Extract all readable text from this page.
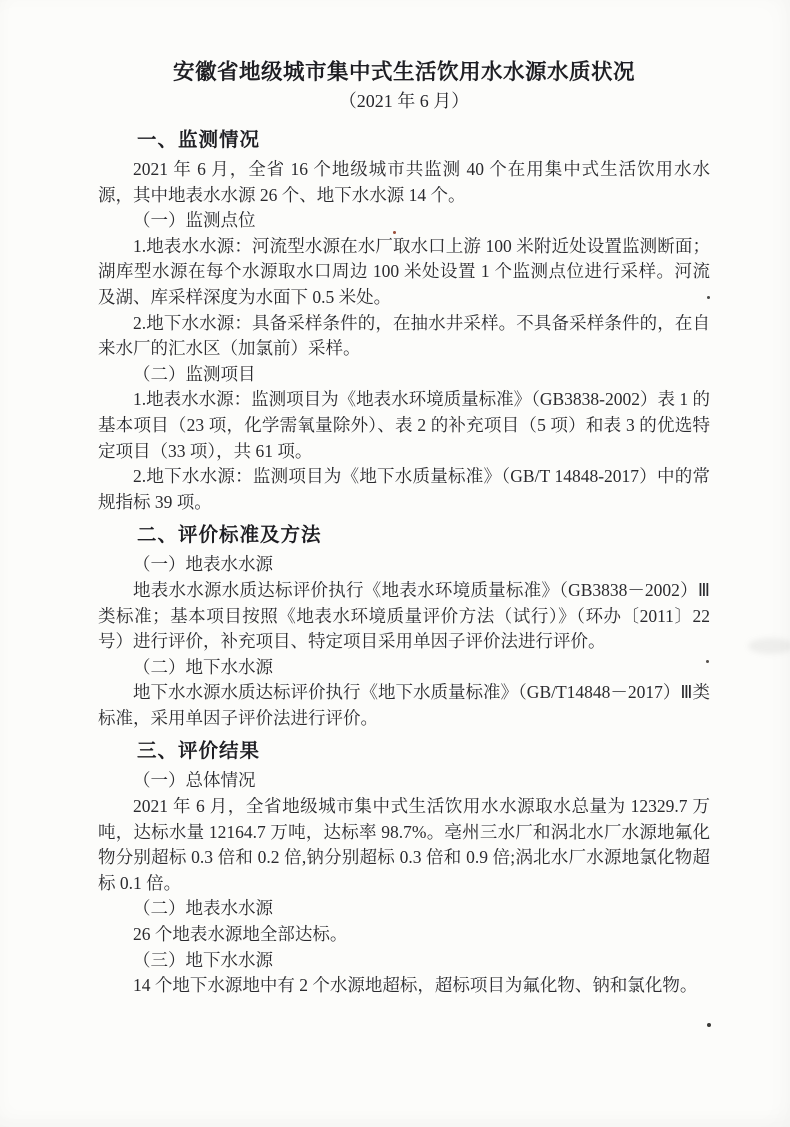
安徽省地级城市集中式生活饮用水水源水质状况
（2021 年 6 月）
一、监测情况

2021 年 6 月，全省 16 个地级城市共监测 40 个在用集中式生活饮用水水源，其中地表水水源 26 个、地下水水源 14 个。

（一）监测点位

1.地表水水源：河流型水源在水厂取水口上游 100 米附近处设置监测断面；湖库型水源在每个水源取水口周边 100 米处设置 1 个监测点位进行采样。河流及湖、库采样深度为水面下 0.5 米处。

2.地下水水源：具备采样条件的，在抽水井采样。不具备采样条件的，在自来水厂的汇水区（加氯前）采样。

（二）监测项目

1.地表水水源：监测项目为《地表水环境质量标准》（GB3838-2002）表 1 的基本项目（23 项，化学需氧量除外）、表 2 的补充项目（5 项）和表 3 的优选特定项目（33 项），共 61 项。

2.地下水水源：监测项目为《地下水质量标准》（GB/T 14848-2017）中的常规指标 39 项。

二、评价标准及方法

（一）地表水水源

地表水水源水质达标评价执行《地表水环境质量标准》（GB3838－2002）Ⅲ类标准；基本项目按照《地表水环境质量评价方法（试行）》（环办〔2011〕22 号）进行评价，补充项目、特定项目采用单因子评价法进行评价。

（二）地下水水源

地下水水源水质达标评价执行《地下水质量标准》（GB/T14848－2017）Ⅲ类标准，采用单因子评价法进行评价。

三、评价结果

（一）总体情况

2021 年 6 月，全省地级城市集中式生活饮用水水源取水总量为 12329.7 万吨，达标水量 12164.7 万吨，达标率 98.7%。亳州三水厂和涡北水厂水源地氟化物分别超标 0.3 倍和 0.2 倍,钠分别超标 0.3 倍和 0.9 倍;涡北水厂水源地氯化物超标 0.1 倍。

（二）地表水水源

26 个地表水源地全部达标。

（三）地下水水源

14 个地下水源地中有 2 个水源地超标，超标项目为氟化物、钠和氯化物。
